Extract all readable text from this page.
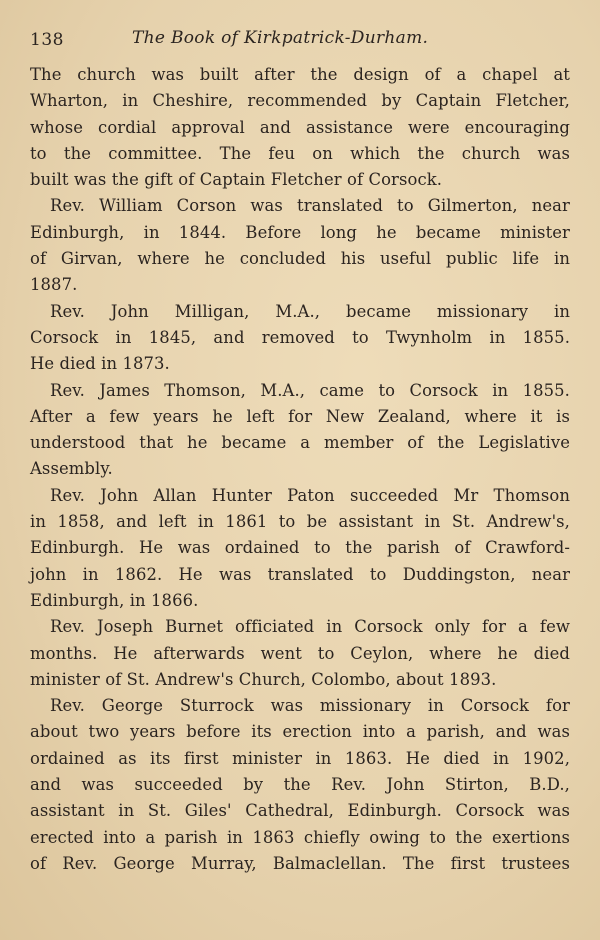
138	The Book of Kirkpatrick-Durham.
The church was built after the design of a chapel at
Wharton, in Cheshire, recommended by Captain Fletcher,
whose cordial approval and assistance were encouraging
to the committee. The feu on which the church was
built was the gift of Captain Fletcher of Corsock.
Rev. William Corson was translated to Gilmerton, near
Edinburgh, in 1844. Before long he became minister
of Girvan, where he concluded his useful public life in
1887.
Rev. John Milligan, M.A., became missionary in
Corsock in 1845, and removed to Twynholm in 1855.
He died in 1873.
Rev. James Thomson, M.A., came to Corsock in 1855.
After a few years he left for New Zealand, where it is
understood that he became a member of the Legislative
Assembly.
Rev. John Allan Hunter Paton succeeded Mr Thomson
in 1858, and left in 1861 to be assistant in St. Andrew's,
Edinburgh. He was ordained to the parish of Crawford-
john in 1862. He was translated to Duddingston, near
Edinburgh, in 1866.
Rev. Joseph Burnet officiated in Corsock only for a few
months. He afterwards went to Ceylon, where he died
minister of St. Andrew's Church, Colombo, about 1893.
Rev. George Sturrock was missionary in Corsock for
about two years before its erection into a parish, and was
ordained as its first minister in 1863. He died in 1902,
and was succeeded by the Rev. John Stirton, B.D.,
assistant in St. Giles' Cathedral, Edinburgh. Corsock was
erected into a parish in 1863 chiefly owing to the exertions
of Rev. George Murray, Balmaclellan. The first trustees
